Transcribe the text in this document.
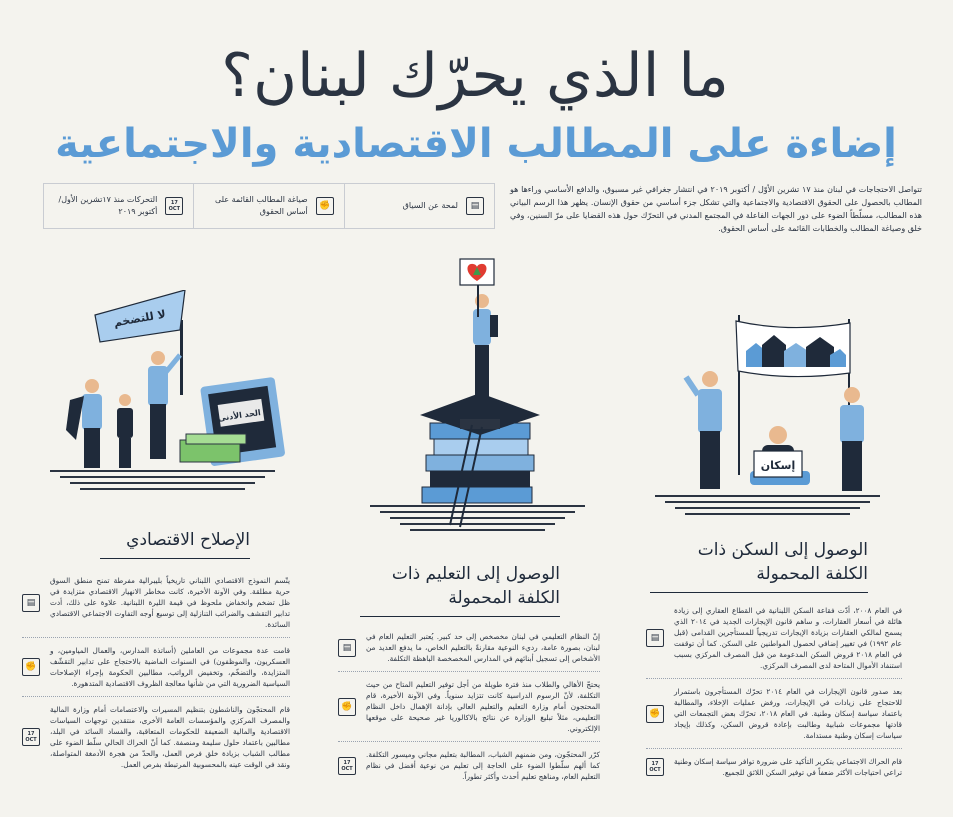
ما الذي يحرّك لبنان؟
إضاءة على المطالب الاقتصادية والاجتماعية
تتواصل الاحتجاجات في لبنان منذ ١٧ تشرين الأوّل / أكتوبر ٢٠١٩ في انتشار جغرافي غير مسبوق، والدافع الأساسي وراءها هو المطالب بالحصول على الحقوق الاقتصادية والاجتماعية والتي تشكل جزء أساسي من حقوق الإنسان. يظهر هذا الرسم البياني هذه المطالب، مسلّطاً الضوء على دور الجهات الفاعلة في المجتمع المدني في التحرّك حول هذه القضايا على مرّ السنين، وفي خلق وصياغة المطالب والخطابات القائمة على أساس الحقوق.
▤
لمحة عن السياق
✊
صياغة المطالب القائمة على أساس الحقوق
17 OCT
التحركات منذ ١٧تشرين الأول/أكتوبر ٢٠١٩
الحد الأدنى
لا للتضخم
إسكان
الإصلاح الاقتصادي
يتّسم النموذج الاقتصادي اللبناني تاريخياً بليبرالية مفرطة تمنح منطق السوق حرية مطلقة. وفي الآونة الأخيرة، كانت مخاطر الانهيار الاقتصادي متزايدة في ظل تضخم وانخفاض ملحوظ في قيمة الليرة اللبنانية. علاوة على ذلك، أدت تدابير التقشف والضرائب التنازلية إلى توسيع أوجه التفاوت الاجتماعي الاقتصادي السائدة.
▤
قامت عدة مجموعات من العاملين (أساتذة المدارس، والعمال المياومين، و العسكريون، والموظفون) في السنوات الماضية بالاحتجاج على تدابير التقشّف المتزايدة، والتضخّم، وتخفيض الرواتب، مطالبين الحكومة بإجراء الإصلاحات السياسية الضرورية التي من شأنها معالجة الظروف الاقتصادية المتدهورة.
✊
قام المحتجّون والناشطون بتنظيم المسيرات والاعتصامات أمام وزارة المالية والمصرف المركزي والمؤسسات العامة الأخرى، منتقدين توجهات السياسات الاقتصادية والمالية الضعيفة للحكومات المتعاقبة، والفساد السائد في البلد، مطالبين باعتماد حلول سليمة ومنصفة. كما أنّ الحراك الحالي سلّط الضوء على مطالب الشباب بزيادة خلق فرص العمل، والحدّ من هجرة الأدمغة المتواصلة، ونقد في الوقت عينه بالمحسوبية المرتبطة بفرص العمل.
17 OCT
الوصول إلى التعليم ذات الكلفة المحمولة
إنّ النظام التعليمي في لبنان مخصخص إلى حد كبير. يُعتبر التعليم العام في لبنان، بصورة عامة، رديء النوعية مقارنةً بالتعليم الخاص، ما يدفع العديد من الأشخاص إلى تسجيل أبنائهم في المدارس المخصخصة الباهظة التكلفة.
▤
يحتجّ الأهالي والطلاب منذ فترة طويلة من أجل توفير التعليم المتاح من حيث التكلفة، لأنّ الرسوم الدراسية كانت تتزايد سنوياً. وفي الآونة الأخيرة، قام المحتجون أمام وزارة التعليم والتعليم العالي بإدانة الإهمال داخل النظام التعليمي، مثلاً تبليغ الوزارة عن نتائج بالاكالوريا غير صحيحة على موقعها الإلكتروني.
✊
كرّر المحتجّون، ومن ضمنهم الشباب، المطالبة بتعليم مجاني وميسور التكلفة. كما ألهم سلّطوا الضوء على الحاجة إلى تعليم من نوعية أفضل في نظام التعليم العام، ومناهج تعليم أحدث وأكثر تطوراً.
17 OCT
الوصول إلى السكن ذات الكلفة المحمولة
في العام ٢٠٠٨، أدّت فقاعة السكن اللبنانية في القطاع العقاري إلى زيادة هائلة في أسعار العقارات، و ساهم قانون الإيجارات الجديد في ٢٠١٤ الذي يسمح لمالكي العقارات بزيادة الإيجارات تدريجياً للمستأجرين القدامى (قبل عام ١٩٩٢) في تغيير إضافي لحصول المواطنين على السكن. كما أن توقفت في العام ٢٠١٨ قروض السكن المدعومة من قبل المصرف المركزي بسبب استنفاد الأموال المتاحة لدى المصرف المركزي.
▤
بعد صدور قانون الإيجارات في العام ٢٠١٤ تحرّك المستأجرون باستمرار للاحتجاج على زيادات في الإيجارات، ورفض عمليات الإخلاء، والمطالبة باعتماد سياسة إسكان وطنية. في العام ٢٠١٨، تحرّك بعض التجمعات التي قادتها مجموعات شبابية وطالبت بإعادة قروض السكن، وكذلك بإيجاد سياسات إسكان وطنية مستدامة.
✊
قام الحراك الاجتماعي بتكرير التأكيد على ضرورة توافر سياسة إسكان وطنية تراعي احتياجات الأكثر ضعفاً في توفير السكن اللائق للجميع.
17 OCT
